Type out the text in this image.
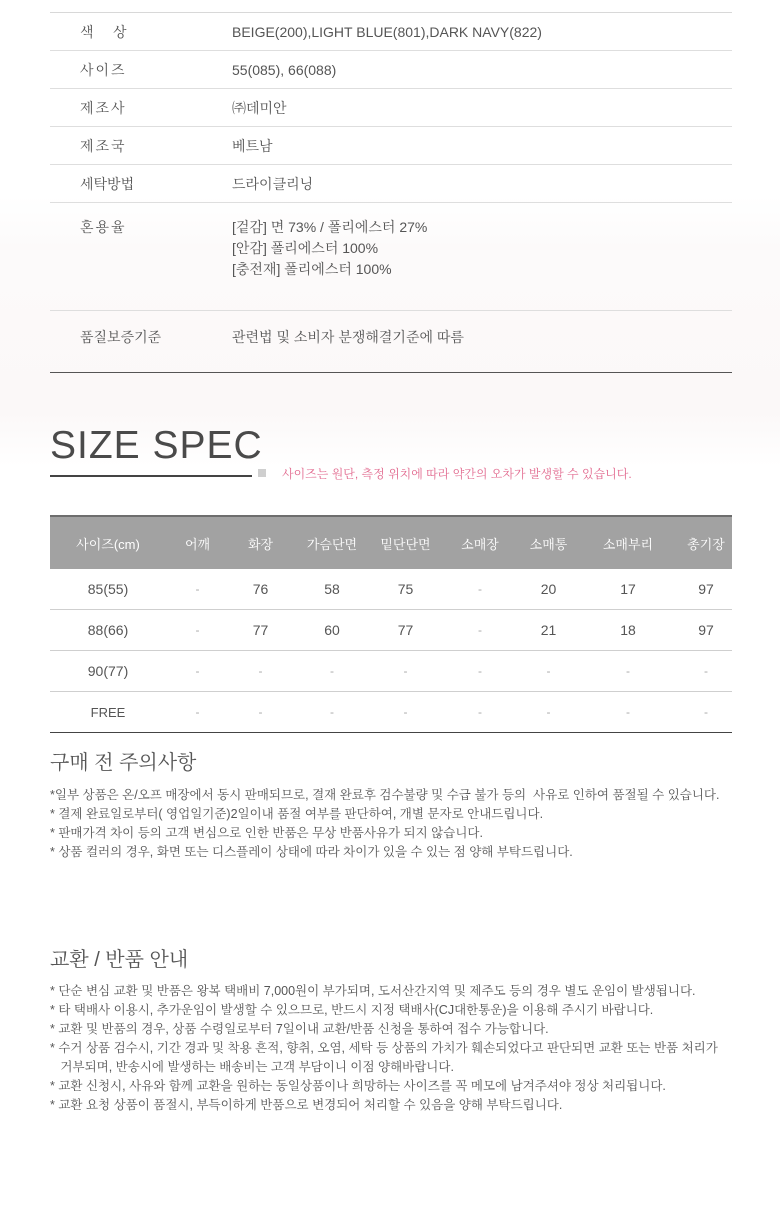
색     상	BEIGE(200),LIGHT BLUE(801),DARK NAVY(822)
사이즈	55(085), 66(088)
제조사	㈜데미안
제조국	베트남
세탁방법	드라이클리닝
혼용율	[겉감] 면 73% / 폴리에스터 27%
[안감] 폴리에스터 100%
[충전재] 폴리에스터 100%
품질보증기준	관련법 및 소비자 분쟁해결기준에 따름
SIZE SPEC
사이즈는 원단, 측정 위치에 따라 약간의 오차가 발생할 수 있습니다.
사이즈(cm)	어깨	화장	가슴단면	밑단단면	소매장	소매통	소매부리	총기장
85(55)	-	76	58	75	-	20	17	97
88(66)	-	77	60	77	-	21	18	97
90(77)	-	-	-	-	-	-	-	-
FREE	-	-	-	-	-	-	-	-
구매 전 주의사항
*일부 상품은 온/오프 매장에서 동시 판매되므로, 결재 완료후 검수불량 및 수급 불가 등의  사유로 인하여 품절될 수 있습니다.
* 결제 완료일로부터( 영업일기준)2일이내 품절 여부를 판단하여, 개별 문자로 안내드립니다.
* 판매가격 차이 등의 고객 변심으로 인한 반품은 무상 반품사유가 되지 않습니다.
* 상품 컬러의 경우, 화면 또는 디스플레이 상태에 따라 차이가 있을 수 있는 점 양해 부탁드립니다.
교환 / 반품 안내
* 단순 변심 교환 및 반품은 왕복 택배비 7,000원이 부가되며, 도서산간지역 및 제주도 등의 경우 별도 운임이 발생됩니다.
* 타 택배사 이용시, 추가운임이 발생할 수 있으므로, 반드시 지정 택배사(CJ대한통운)을 이용해 주시기 바랍니다.
* 교환 및 반품의 경우, 상품 수령일로부터 7일이내 교환/반품 신청을 통하여 접수 가능합니다.
* 수거 상품 검수시, 기간 경과 및 착용 흔적, 향취, 오염, 세탁 등 상품의 가치가 훼손되었다고 판단되면 교환 또는 반품 처리가
거부되며, 반송시에 발생하는 배송비는 고객 부담이니 이점 양해바랍니다.
* 교환 신청시, 사유와 함께 교환을 원하는 동일상품이나 희망하는 사이즈를 꼭 메모에 남겨주셔야 정상 처리됩니다.
* 교환 요청 상품이 품절시, 부득이하게 반품으로 변경되어 처리할 수 있음을 양해 부탁드립니다.
